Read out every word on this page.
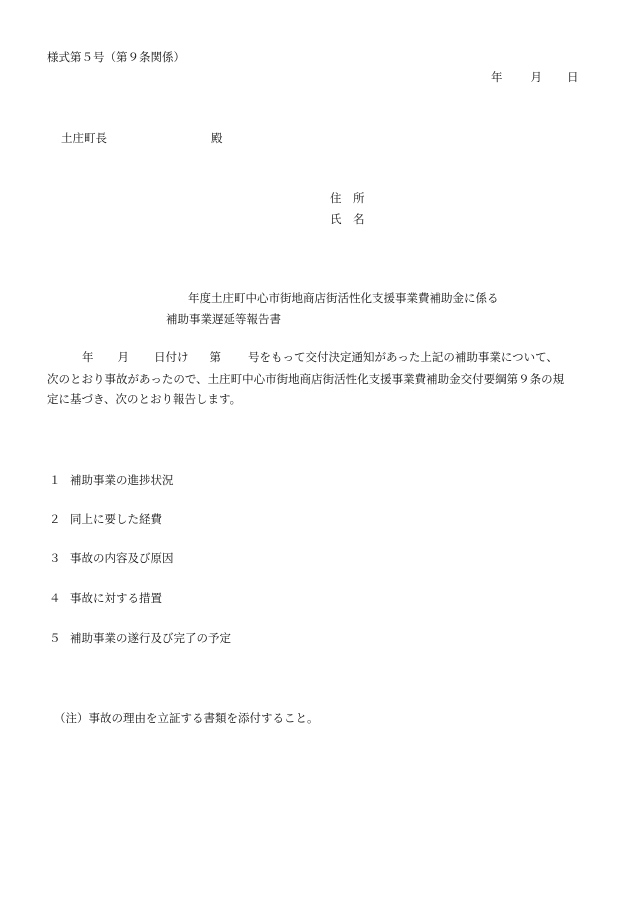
様式第５号（第９条関係）
年 月 日
土庄町長	殿
住　所
氏　名
年度土庄町中心市街地商店街活性化支援事業費補助金に係る
補助事業遅延等報告書
年 月 日付け 第 号をもって交付決定通知があった上記の補助事業について、
次のとおり事故があったので、土庄町中心市街地商店街活性化支援事業費補助金交付要綱第９条の規
定に基づき、次のとおり報告します。
１ 補助事業の進捗状況
２ 同上に要した経費
３ 事故の内容及び原因
４ 事故に対する措置
５ 補助事業の遂行及び完了の予定
（注）事故の理由を立証する書類を添付すること。
